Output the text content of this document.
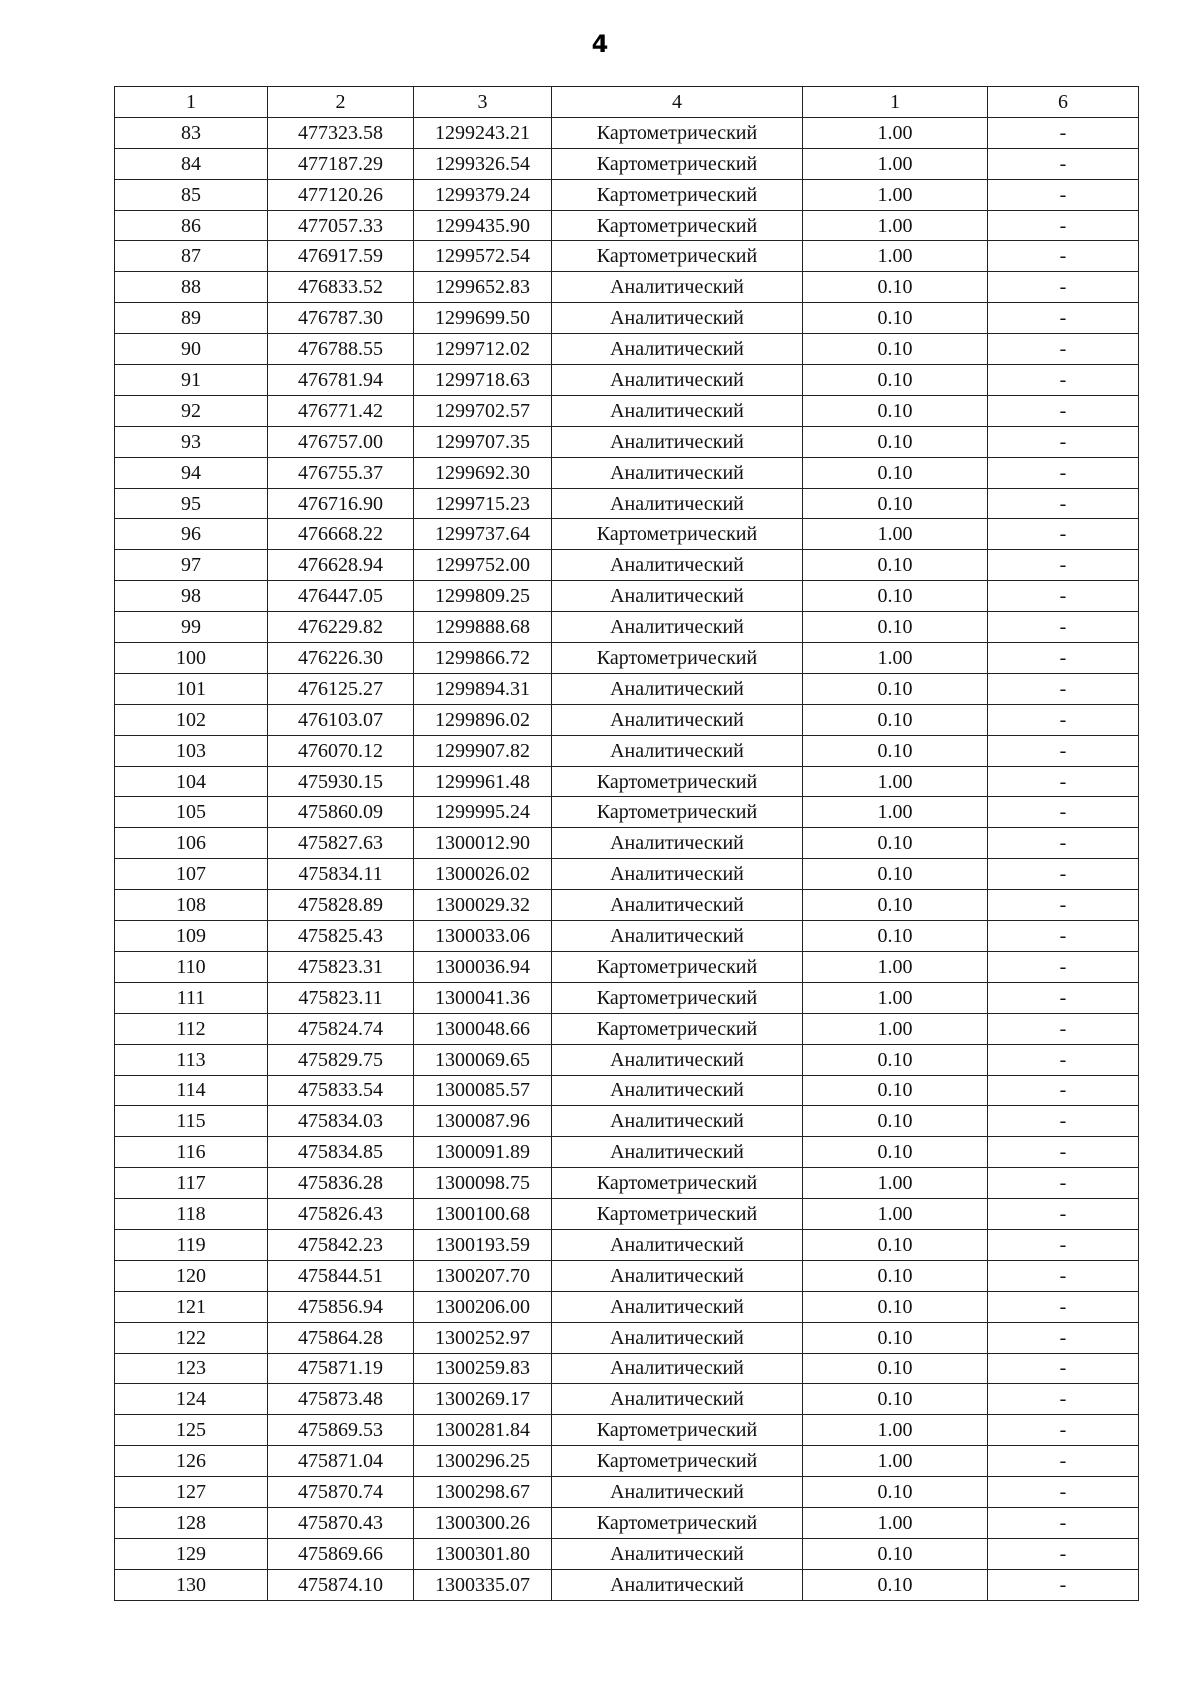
4
1	2	3	4	1	6
83	477323.58	1299243.21	Картометрический	1.00	-
84	477187.29	1299326.54	Картометрический	1.00	-
85	477120.26	1299379.24	Картометрический	1.00	-
86	477057.33	1299435.90	Картометрический	1.00	-
87	476917.59	1299572.54	Картометрический	1.00	-
88	476833.52	1299652.83	Аналитический	0.10	-
89	476787.30	1299699.50	Аналитический	0.10	-
90	476788.55	1299712.02	Аналитический	0.10	-
91	476781.94	1299718.63	Аналитический	0.10	-
92	476771.42	1299702.57	Аналитический	0.10	-
93	476757.00	1299707.35	Аналитический	0.10	-
94	476755.37	1299692.30	Аналитический	0.10	-
95	476716.90	1299715.23	Аналитический	0.10	-
96	476668.22	1299737.64	Картометрический	1.00	-
97	476628.94	1299752.00	Аналитический	0.10	-
98	476447.05	1299809.25	Аналитический	0.10	-
99	476229.82	1299888.68	Аналитический	0.10	-
100	476226.30	1299866.72	Картометрический	1.00	-
101	476125.27	1299894.31	Аналитический	0.10	-
102	476103.07	1299896.02	Аналитический	0.10	-
103	476070.12	1299907.82	Аналитический	0.10	-
104	475930.15	1299961.48	Картометрический	1.00	-
105	475860.09	1299995.24	Картометрический	1.00	-
106	475827.63	1300012.90	Аналитический	0.10	-
107	475834.11	1300026.02	Аналитический	0.10	-
108	475828.89	1300029.32	Аналитический	0.10	-
109	475825.43	1300033.06	Аналитический	0.10	-
110	475823.31	1300036.94	Картометрический	1.00	-
111	475823.11	1300041.36	Картометрический	1.00	-
112	475824.74	1300048.66	Картометрический	1.00	-
113	475829.75	1300069.65	Аналитический	0.10	-
114	475833.54	1300085.57	Аналитический	0.10	-
115	475834.03	1300087.96	Аналитический	0.10	-
116	475834.85	1300091.89	Аналитический	0.10	-
117	475836.28	1300098.75	Картометрический	1.00	-
118	475826.43	1300100.68	Картометрический	1.00	-
119	475842.23	1300193.59	Аналитический	0.10	-
120	475844.51	1300207.70	Аналитический	0.10	-
121	475856.94	1300206.00	Аналитический	0.10	-
122	475864.28	1300252.97	Аналитический	0.10	-
123	475871.19	1300259.83	Аналитический	0.10	-
124	475873.48	1300269.17	Аналитический	0.10	-
125	475869.53	1300281.84	Картометрический	1.00	-
126	475871.04	1300296.25	Картометрический	1.00	-
127	475870.74	1300298.67	Аналитический	0.10	-
128	475870.43	1300300.26	Картометрический	1.00	-
129	475869.66	1300301.80	Аналитический	0.10	-
130	475874.10	1300335.07	Аналитический	0.10	-
